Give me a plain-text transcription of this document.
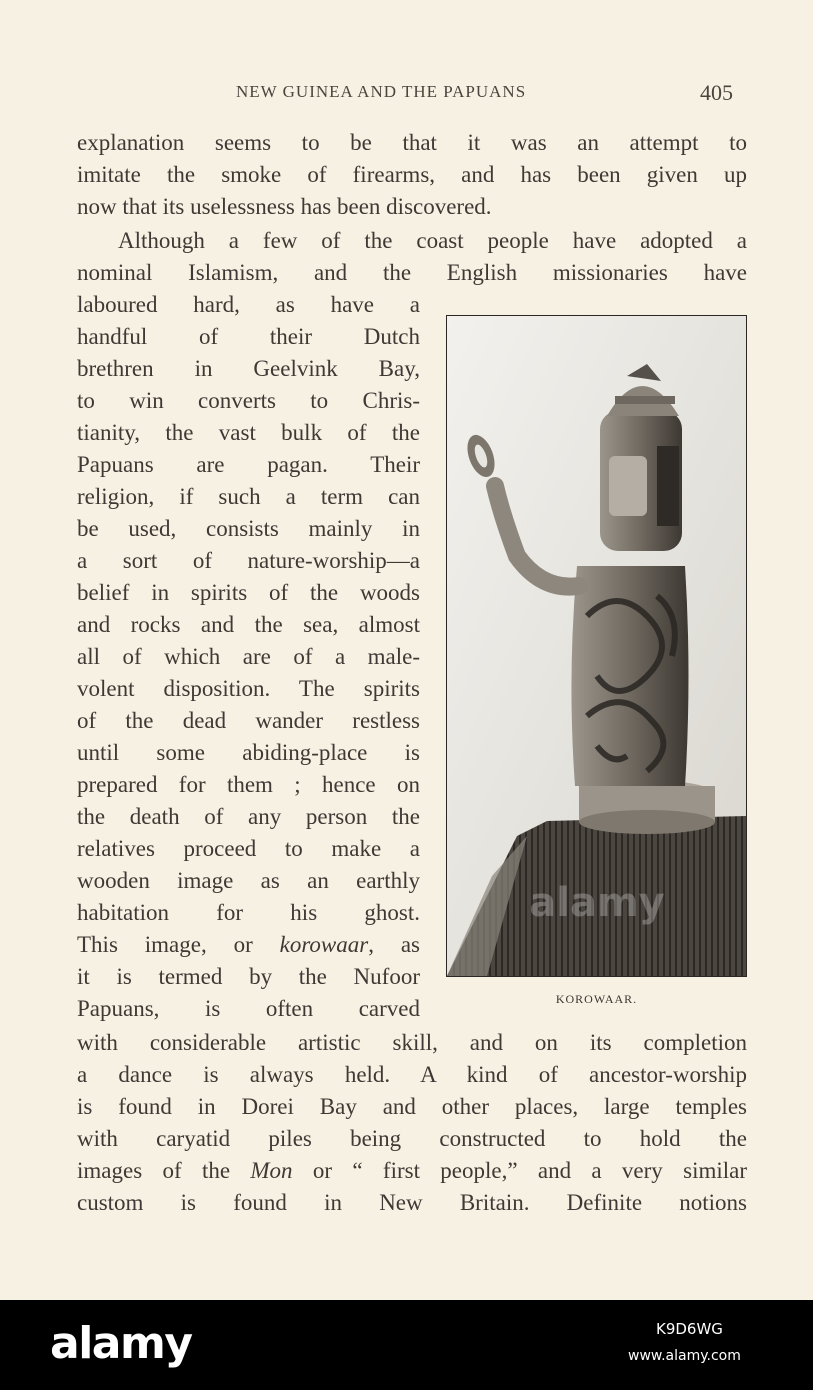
NEW GUINEA AND THE PAPUANS	405
explanation seems to be that it was an attempt to
imitate the smoke of firearms, and has been given up
now that its uselessness has been discovered.
Although a few of the coast people have adopted a
nominal Islamism, and the English missionaries have
laboured hard, as have a
handful of their Dutch
brethren in Geelvink Bay,
to win converts to Chris-
tianity, the vast bulk of the
Papuans are pagan. Their
religion, if such a term can
be used, consists mainly in
a sort of nature-worship—a
belief in spirits of the woods
and rocks and the sea, almost
all of which are of a male-
volent disposition. The spirits
of the dead wander restless
until some abiding-place is
prepared for them ; hence on
the death of any person the
relatives proceed to make a
wooden image as an earthly
habitation for his ghost.
This image, or korowaar, as
it is termed by the Nufoor
Papuans, is often carved
with considerable artistic skill, and on its completion
a dance is always held. A kind of ancestor-worship
is found in Dorei Bay and other places, large temples
with caryatid piles being constructed to hold the
images of the Mon or “ first people,” and a very similar
custom is found in New Britain. Definite notions
alamy
KOROWAAR.
alamy	K9D6WG
www.alamy.com
